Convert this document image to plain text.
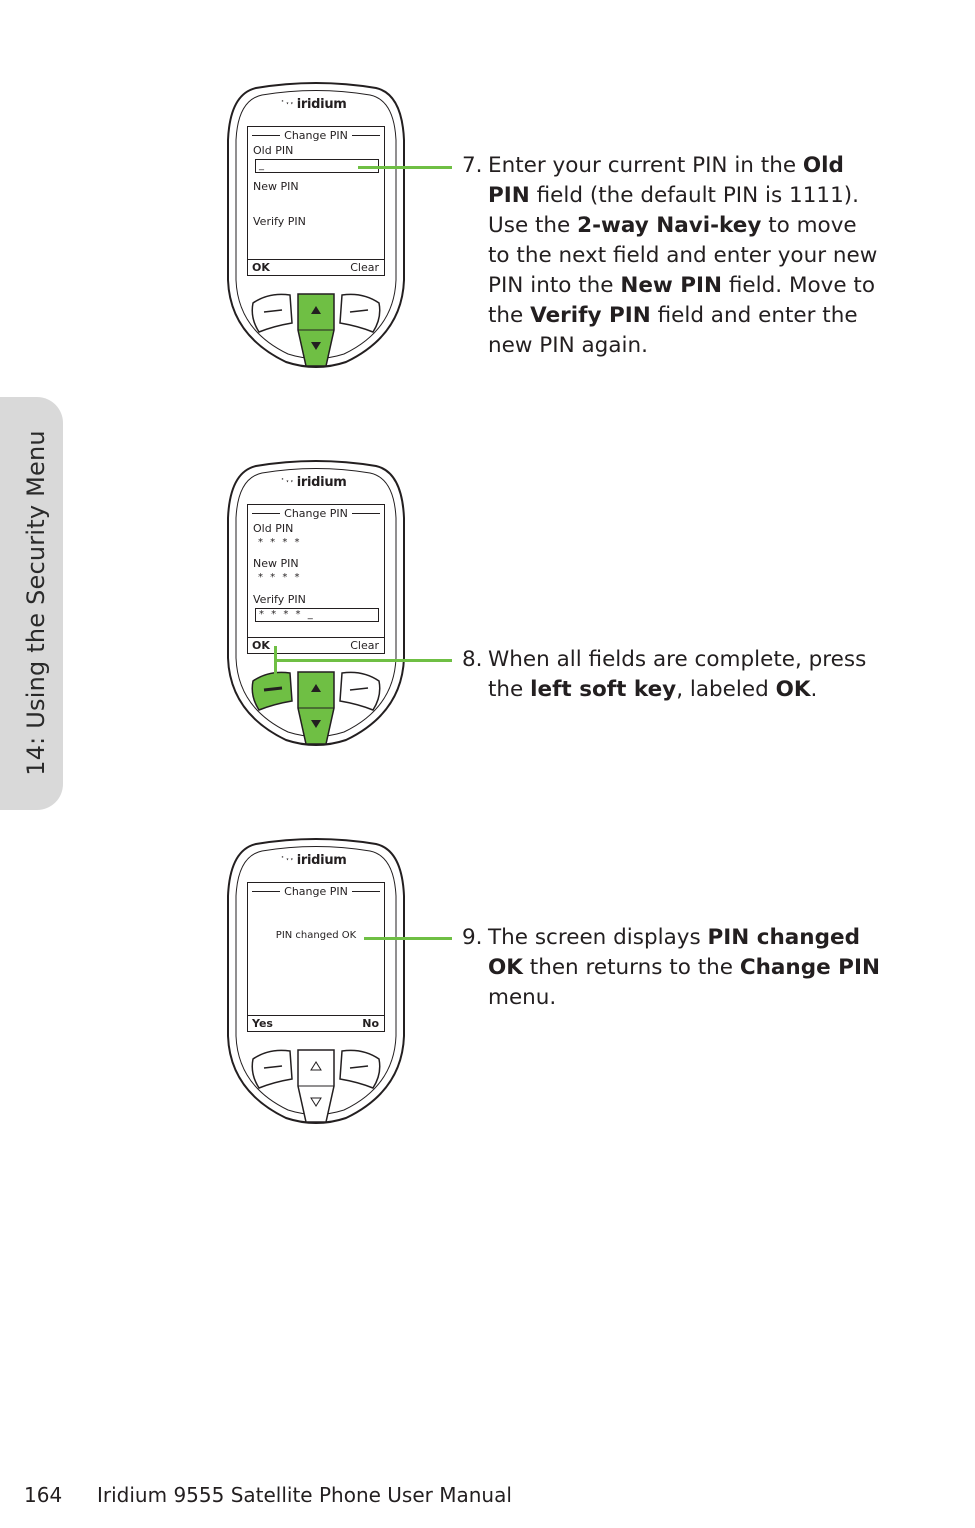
14: Using the Security Menu
˙ˑˑ iridium
Change PIN
Old PIN
_
New PIN
Verify PIN
OK	Clear
˙ˑˑ iridium
Change PIN
Old PIN
* * * *
New PIN
* * * *
Verify PIN
* * * * _
OK	Clear
˙ˑˑ iridium
Change PIN
PIN changed OK
Yes	No
7. Enter your current PIN in the Old PIN field (the default PIN is 1111). Use the 2-way Navi-key to move to the next field and enter your new PIN into the New PIN field. Move to the Verify PIN field and enter the new PIN again.
8. When all fields are complete, press the left soft key, labeled OK.
9. The screen displays PIN changed OK then returns to the Change PIN menu.
164 Iridium 9555 Satellite Phone User Manual
